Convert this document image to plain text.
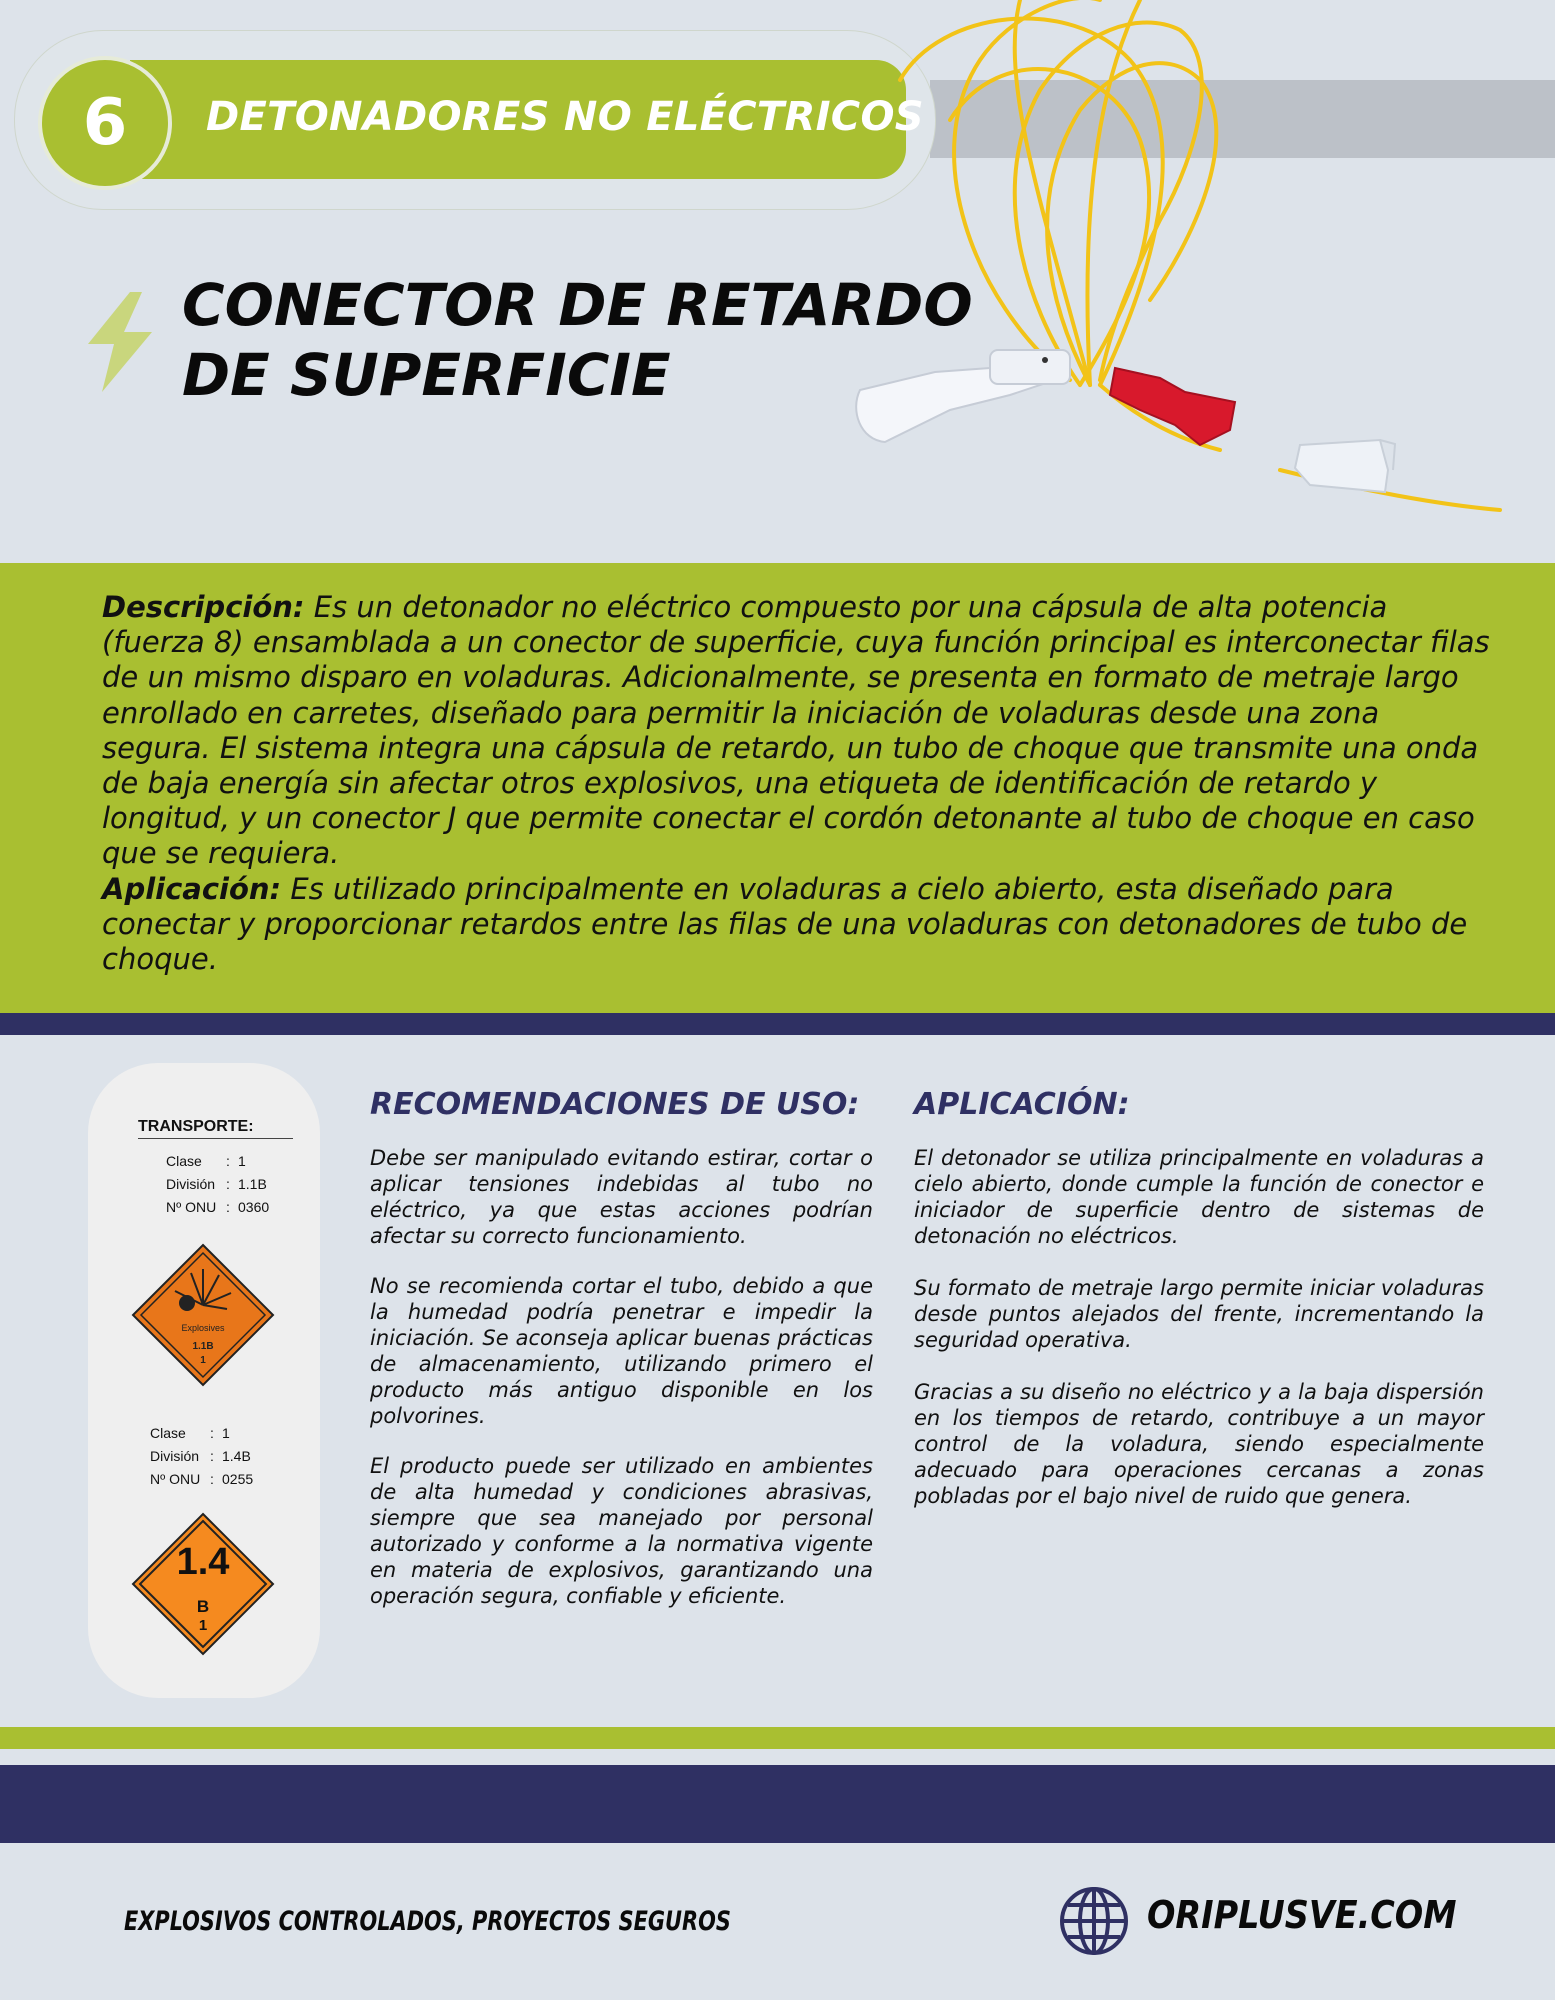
DETONADORES NO ELÉCTRICOS
6
CONECTOR DE RETARDO
DE SUPERFICIE
Descripción: Es un detonador no eléctrico compuesto por una cápsula de alta potencia (fuerza 8) ensamblada a un conector de superficie, cuya función principal es interconectar filas de un mismo disparo en voladuras. Adicionalmente, se presenta en formato de metraje largo enrollado en carretes, diseñado para permitir la iniciación de voladuras desde una zona segura. El sistema integra una cápsula de retardo, un tubo de choque que transmite una onda de baja energía sin afectar otros explosivos, una etiqueta de identificación de retardo y longitud, y un conector J que permite conectar el cordón detonante al tubo de choque en caso que se requiera.
Aplicación: Es utilizado principalmente en voladuras a cielo abierto, esta diseñado para conectar y proporcionar retardos entre las filas de una voladuras con detonadores de tubo de choque.
TRANSPORTE:
Clase : 1
División : 1.1B
Nº ONU : 0360
Explosives
1.1B
1
Clase : 1
División : 1.4B
Nº ONU : 0255
1.4
B
1
RECOMENDACIONES DE USO:

Debe ser manipulado evitando estirar, cortar o aplicar tensiones indebidas al tubo no eléctrico, ya que estas acciones podrían afectar su correcto funcionamiento.

No se recomienda cortar el tubo, debido a que la humedad podría penetrar e impedir la iniciación. Se aconseja aplicar buenas prácticas de almacenamiento, utilizando primero el producto más antiguo disponible en los polvorines.

El producto puede ser utilizado en ambientes de alta humedad y condiciones abrasivas, siempre que sea manejado por personal autorizado y conforme a la normativa vigente en materia de explosivos, garantizando una operación segura, confiable y eficiente.

APLICACIÓN:

El detonador se utiliza principalmente en voladuras a cielo abierto, donde cumple la función de conector e iniciador de superficie dentro de sistemas de detonación no eléctricos.

Su formato de metraje largo permite iniciar voladuras desde puntos alejados del frente, incrementando la seguridad operativa.

Gracias a su diseño no eléctrico y a la baja dispersión en los tiempos de retardo, contribuye a un mayor control de la voladura, siendo especialmente adecuado para operaciones cercanas a zonas pobladas por el bajo nivel de ruido que genera.

EXPLOSIVOS CONTROLADOS, PROYECTOS SEGUROS	ORIPLUSVE.COM
